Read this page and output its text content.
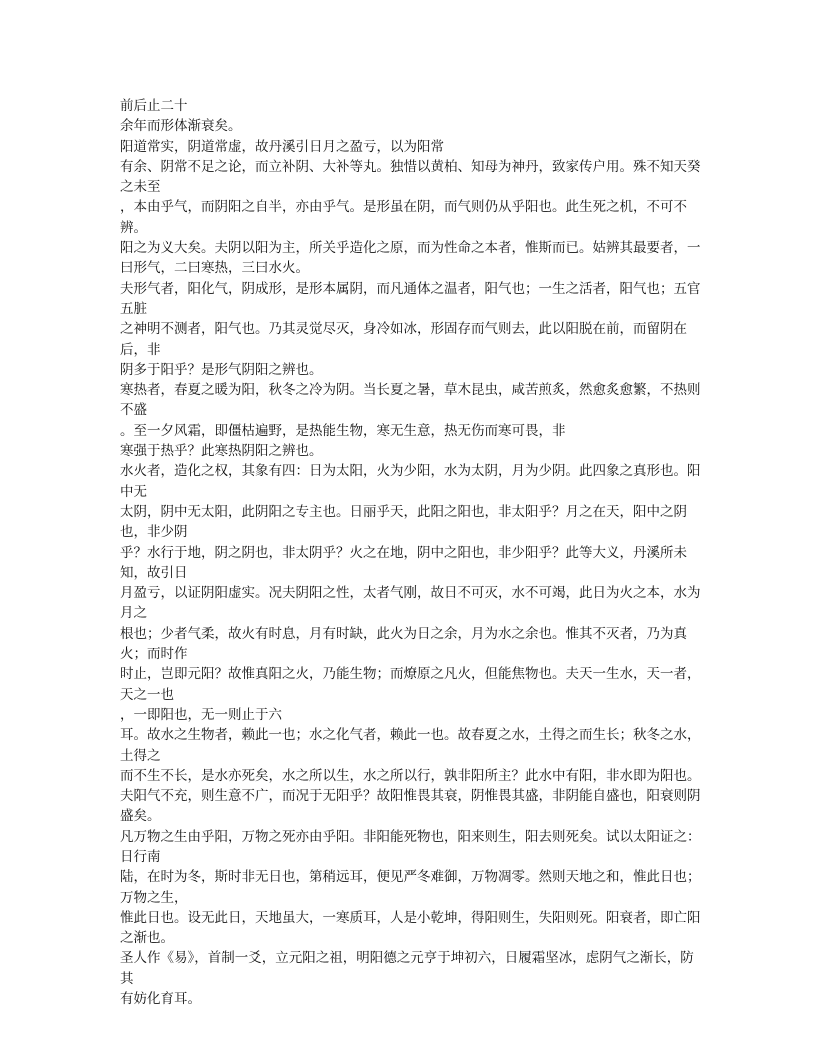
前后止二十
余年而形体渐衰矣。
阳道常实，阴道常虚，故丹溪引日月之盈亏，以为阳常
有余、阴常不足之论，而立补阴、大补等丸。独惜以黄柏、知母为神丹，致家传户用。殊不知天癸之未至
，本由乎气，而阴阳之自半，亦由乎气。是形虽在阴，而气则仍从乎阳也。此生死之机，不可不辨。
阳之为义大矣。夫阴以阳为主，所关乎造化之原，而为性命之本者，惟斯而已。姑辨其最要者，一
曰形气，二曰寒热，三曰水火。
夫形气者，阳化气，阴成形，是形本属阴，而凡通体之温者，阳气也；一生之活者，阳气也；五官五脏
之神明不测者，阳气也。乃其灵觉尽灭，身冷如冰，形固存而气则去，此以阳脱在前，而留阴在后，非
阴多于阳乎？是形气阴阳之辨也。
寒热者，春夏之暖为阳，秋冬之冷为阴。当长夏之暑，草木昆虫，咸苦煎炙，然愈炙愈繁，不热则不盛
。至一夕风霜，即僵枯遍野，是热能生物，寒无生意，热无伤而寒可畏，非
寒强于热乎？此寒热阴阳之辨也。
水火者，造化之权，其象有四：日为太阳，火为少阳，水为太阴，月为少阴。此四象之真形也。阳中无
太阴，阴中无太阳，此阴阳之专主也。日丽乎天，此阳之阳也，非太阳乎？月之在天，阳中之阴也，非少阴
乎？水行于地，阴之阴也，非太阴乎？火之在地，阴中之阳也，非少阳乎？此等大义，丹溪所未知，故引日
月盈亏，以证阴阳虚实。况夫阴阳之性，太者气刚，故日不可灭，水不可竭，此日为火之本，水为月之
根也；少者气柔，故火有时息，月有时缺，此火为日之余，月为水之余也。惟其不灭者，乃为真火；而时作
时止，岂即元阳？故惟真阳之火，乃能生物；而燎原之凡火，但能焦物也。夫天一生水，天一者，天之一也
，一即阳也，无一则止于六
耳。故水之生物者，赖此一也；水之化气者，赖此一也。故春夏之水，土得之而生长；秋冬之水，土得之
而不生不长，是水亦死矣，水之所以生，水之所以行，孰非阳所主？此水中有阳，非水即为阳也。
夫阳气不充，则生意不广，而况于无阳乎？故阳惟畏其衰，阴惟畏其盛，非阴能自盛也，阳衰则阴盛矣。
凡万物之生由乎阳，万物之死亦由乎阳。非阳能死物也，阳来则生，阳去则死矣。试以太阳证之：日行南
陆，在时为冬，斯时非无日也，第稍远耳，便见严冬难御，万物凋零。然则天地之和，惟此日也；万物之生，
惟此日也。设无此日，天地虽大，一寒质耳，人是小乾坤，得阳则生，失阳则死。阳衰者，即亡阳之渐也。
圣人作《易》，首制一爻，立元阳之祖，明阳德之元亨于坤初六，日履霜坚冰，虑阴气之渐长，防其
有妨化育耳。
